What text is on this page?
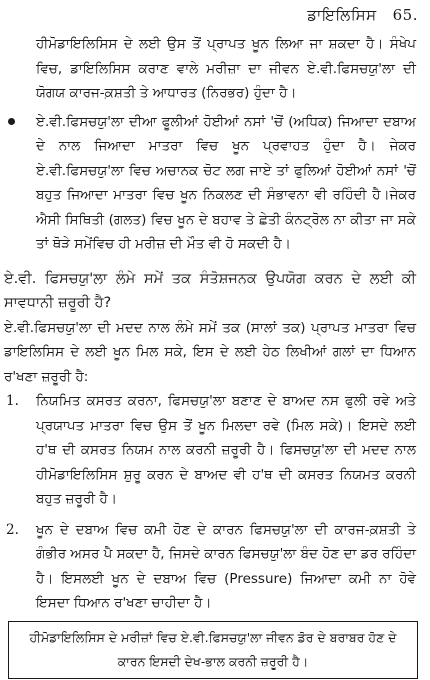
ਡਾਇਲਿਸਿਸ 65.

ਹੀਮੋਡਾਇਲਿਸਿਸ ਦੇ ਲਈ ਉਸ ਤੋਂ ਪ੍ਰਾਪਤ ਖੂਨ ਲਿਆ ਜਾ ਸ਼ਕਦਾ ਹੈ। ਸੰਖੇਪ ਵਿਚ, ਡਾਇਲਿਸਿਸ ਕਰਾਣ ਵਾਲੇ ਮਰੀਜ਼ਾ ਦਾ ਜੀਵਨ ਏ.ਵੀ.ਫਿਸਚਯੁ'ਲਾ ਦੀ ਯੋਗਯ ਕਾਰਜ-ਕ਼ਸ਼ਤੀ ਤੇ ਆਧਾਰਤ (ਨਿਰਭਰ) ਹੁੰਦਾ ਹੈ।

ਏ.ਵੀ.ਫਿਸਚਯੁ'ਲਾ ਦੀਆ ਫੂਲੀਆਂ ਹੋਈਆਂ ਨਸਾਂ 'ਚੋਂ (ਅਧਿਕ) ਜਿਆਦਾ ਦਬਾਅ ਦੇ ਨਾਲ ਜਿਆਦਾ ਮਾਤਰਾ ਵਿਚ ਖੂਨ ਪ੍ਰਵਾਹਤ ਹੁੰਦਾ ਹੈ। ਜੇਕਰ ਏ.ਵੀ.ਫਿਸਚਯੁ'ਲਾ ਵਿਚ ਅਚਾਨਕ ਚੋਟ ਲਗ ਜਾਏ ਤਾਂ ਫੁਲਿਆਂ ਹੋਈਆਂ ਨਸਾਂ 'ਚੋਂ ਬਹੁਤ ਜਿਆਦਾ ਮਾਤਰਾ ਵਿਚ ਖੂਨ ਨਿਕਲਣ ਦੀ ਸੰਭਾਵਨਾ ਵੀ ਰਹਿੰਦੀ ਹੈ।ਜੇਕਰ ਐਸੀ ਸਿਥਿਤੀ (ਗਲਤ) ਵਿਚ ਖੂਨ ਦੇ ਬਹਾਵ ਤੇ ਛੇਤੀ ਕੰਨਟ੍ਰੋਲ ਨਾ ਕੀਤਾ ਜਾ ਸਕੇ ਤਾਂ ਥੋੜੇ ਸਮੇਂਵਿਚ ਹੀ ਮਰੀਜ਼ ਦੀ ਮੌਤ ਵੀ ਹੋ ਸਕਦੀ ਹੈ।

ਏ.ਵੀ. ਫਿਸਚਯੁ'ਲਾ ਲੰਮੇ ਸਮੇਂ ਤਕ ਸੰਤੋਸ਼ਜਨਕ ਉਪਯੋਗ ਕਰਨ ਦੇ ਲਈ ਕੀ ਸਾਵਧਾਨੀ ਜ਼ਰੂਰੀ ਹੈ?

ਏ.ਵੀ.ਫਿਸਚਯੁ'ਲਾ ਦੀ ਮਦਦ ਨਾਲ ਲੰਮੇ ਸਮੇਂ ਤਕ (ਸਾਲਾਂ ਤਕ) ਪ੍ਰਾਪਤ ਮਾਤਰਾ ਵਿਚ ਡਾਇਲਿਸਿਸ ਦੇ ਲਈ ਖੂਨ ਮਿਲ ਸਕੇ, ਇਸ ਦੇ ਲਈ ਹੇਠ ਲਿਖੀਆਂ ਗਲਾਂ ਦਾ ਧਿਆਨ ਰ'ਖਣਾ ਜ਼ਰੂਰੀ ਹੈ:

1. ਨਿਯਮਿਤ ਕਸਰਤ ਕਰਨਾ, ਫਿਸਚਯੁ'ਲਾ ਬਣਾਣ ਦੇ ਬਾਅਦ ਨਸ ਫੁਲੀ ਰਵੇ ਅਤੇ ਪ੍ਰਯਾਪਤ ਮਾਤਰਾ ਵਿਚ ਉਸ ਤੋਂ ਖੂਨ ਮਿਲਦਾ ਰਵੇ (ਮਿਲ ਸਕੇ)। ਇਸਦੇ ਲਈ ਹ'ਥ ਦੀ ਕਸਰਤ ਨਿਯਮ ਨਾਲ ਕਰਨੀ ਜ਼ਰੂਰੀ ਹੈ। ਫਿਸਚਯੁ'ਲਾ ਦੀ ਮਦਦ ਨਾਲ ਹੀਮੋਡਾਇਲਿਸਿਸ ਸ਼ੁਰੂ ਕਰਨ ਦੇ ਬਾਅਦ ਵੀ ਹ'ਥ ਦੀ ਕਸਰਤ ਨਿਯਮਤ ਕਰਨੀ ਬਹੁਤ ਜ਼ਰੂਰੀ ਹੈ।

2. ਖੂਨ ਦੇ ਦਬਾਅ ਵਿਚ ਕਮੀ ਹੋਣ ਦੇ ਕਾਰਨ ਫਿਸਚਯੁ'ਲਾ ਦੀ ਕਾਰਜ-ਕ਼ਸ਼ਤੀ ਤੇ ਗੰਭੀਰ ਅਸਰ ਪੈ ਸਕਦਾ ਹੈ, ਜਿਸਦੇ ਕਾਰਨ ਫਿਸਚਯੁ'ਲਾ ਬੰਦ ਹੋਣ ਦਾ ਡਰ ਰਹਿੰਦਾ ਹੈ। ਇਸਲਈ ਖੂਨ ਦੇ ਦਬਾਅ ਵਿਚ (Pressure) ਜਿਆਦਾ ਕਮੀ ਨਾ ਹੋਵੇ ਇਸਦਾ ਧਿਆਨ ਰ'ਖਣਾ ਚਾਹੀਦਾ ਹੈ।

ਹੀਮੋਡਾਇਲਿਸਿਸ ਦੇ ਮਰੀਜ਼ਾਂ ਵਿਚ ਏ.ਵੀ.ਫਿਸਚਯੁ'ਲਾ ਜੀਵਨ ਡੋਰ ਦੇ ਬਰਾਬਰ ਹੋਣ ਦੇ ਕਾਰਨ ਇਸਦੀ ਦੇਖ-ਭਾਲ ਕਰਨੀ ਜ਼ਰੂਰੀ ਹੈ।
